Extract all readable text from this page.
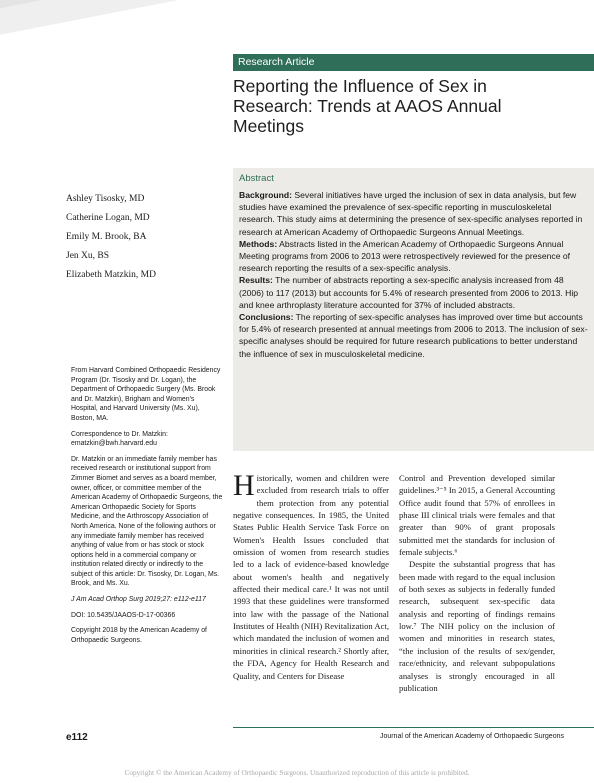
Research Article
Reporting the Influence of Sex in Research: Trends at AAOS Annual Meetings
Ashley Tisosky, MD
Catherine Logan, MD
Emily M. Brook, BA
Jen Xu, BS
Elizabeth Matzkin, MD
Abstract

Background: Several initiatives have urged the inclusion of sex in data analysis, but few studies have examined the prevalence of sex-specific reporting in musculoskeletal research. This study aims at determining the presence of sex-specific analyses reported in research at American Academy of Orthopaedic Surgeons Annual Meetings.

Methods: Abstracts listed in the American Academy of Orthopaedic Surgeons Annual Meeting programs from 2006 to 2013 were retrospectively reviewed for the presence of research reporting the results of a sex-specific analysis.

Results: The number of abstracts reporting a sex-specific analysis increased from 48 (2006) to 117 (2013) but accounts for 5.4% of research presented from 2006 to 2013. Hip and knee arthroplasty literature accounted for 37% of included abstracts.

Conclusions: The reporting of sex-specific analyses has improved over time but accounts for 5.4% of research presented at annual meetings from 2006 to 2013. The inclusion of sex-specific analyses should be required for future research publications to better understand the influence of sex in musculoskeletal medicine.

From Harvard Combined Orthopaedic Residency Program (Dr. Tisosky and Dr. Logan), the Department of Orthopaedic Surgery (Ms. Brook and Dr. Matzkin), Brigham and Women's Hospital, and Harvard University (Ms. Xu), Boston, MA.

Correspondence to Dr. Matzkin: ematzkin@bwh.harvard.edu

Dr. Matzkin or an immediate family member has received research or institutional support from Zimmer Biomet and serves as a board member, owner, officer, or committee member of the American Academy of Orthopaedic Surgeons, the American Orthopaedic Society for Sports Medicine, and the Arthroscopy Association of North America. None of the following authors or any immediate family member has received anything of value from or has stock or stock options held in a commercial company or institution related directly or indirectly to the subject of this article: Dr. Tisosky, Dr. Logan, Ms. Brook, and Ms. Xu.

J Am Acad Orthop Surg 2019;27: e112-e117

DOI: 10.5435/JAAOS-D-17-00366

Copyright 2018 by the American Academy of Orthopaedic Surgeons.

Historically, women and children were excluded from research trials to offer them protection from any potential negative consequences. In 1985, the United States Public Health Service Task Force on Women's Health Issues concluded that omission of women from research studies led to a lack of evidence-based knowledge about women's health and negatively affected their medical care.¹ It was not until 1993 that these guidelines were transformed into law with the passage of the National Institutes of Health (NIH) Revitalization Act, which mandated the inclusion of women and minorities in clinical research.² Shortly after, the FDA, Agency for Health Research and Quality, and Centers for Disease

Control and Prevention developed similar guidelines.³⁻⁵ In 2015, a General Accounting Office audit found that 57% of enrollees in phase III clinical trials were females and that greater than 90% of grant proposals submitted met the standards for inclusion of female subjects.⁶

Despite the substantial progress that has been made with regard to the equal inclusion of both sexes as subjects in federally funded research, subsequent sex-specific data analysis and reporting of findings remains low.⁷ The NIH policy on the inclusion of women and minorities in research states, “the inclusion of the results of sex/gender, race/ethnicity, and relevant subpopulations analyses is strongly encouraged in all publication

e112	Journal of the American Academy of Orthopaedic Surgeons
Copyright © the American Academy of Orthopaedic Surgeons. Unauthorized reproduction of this article is prohibited.
